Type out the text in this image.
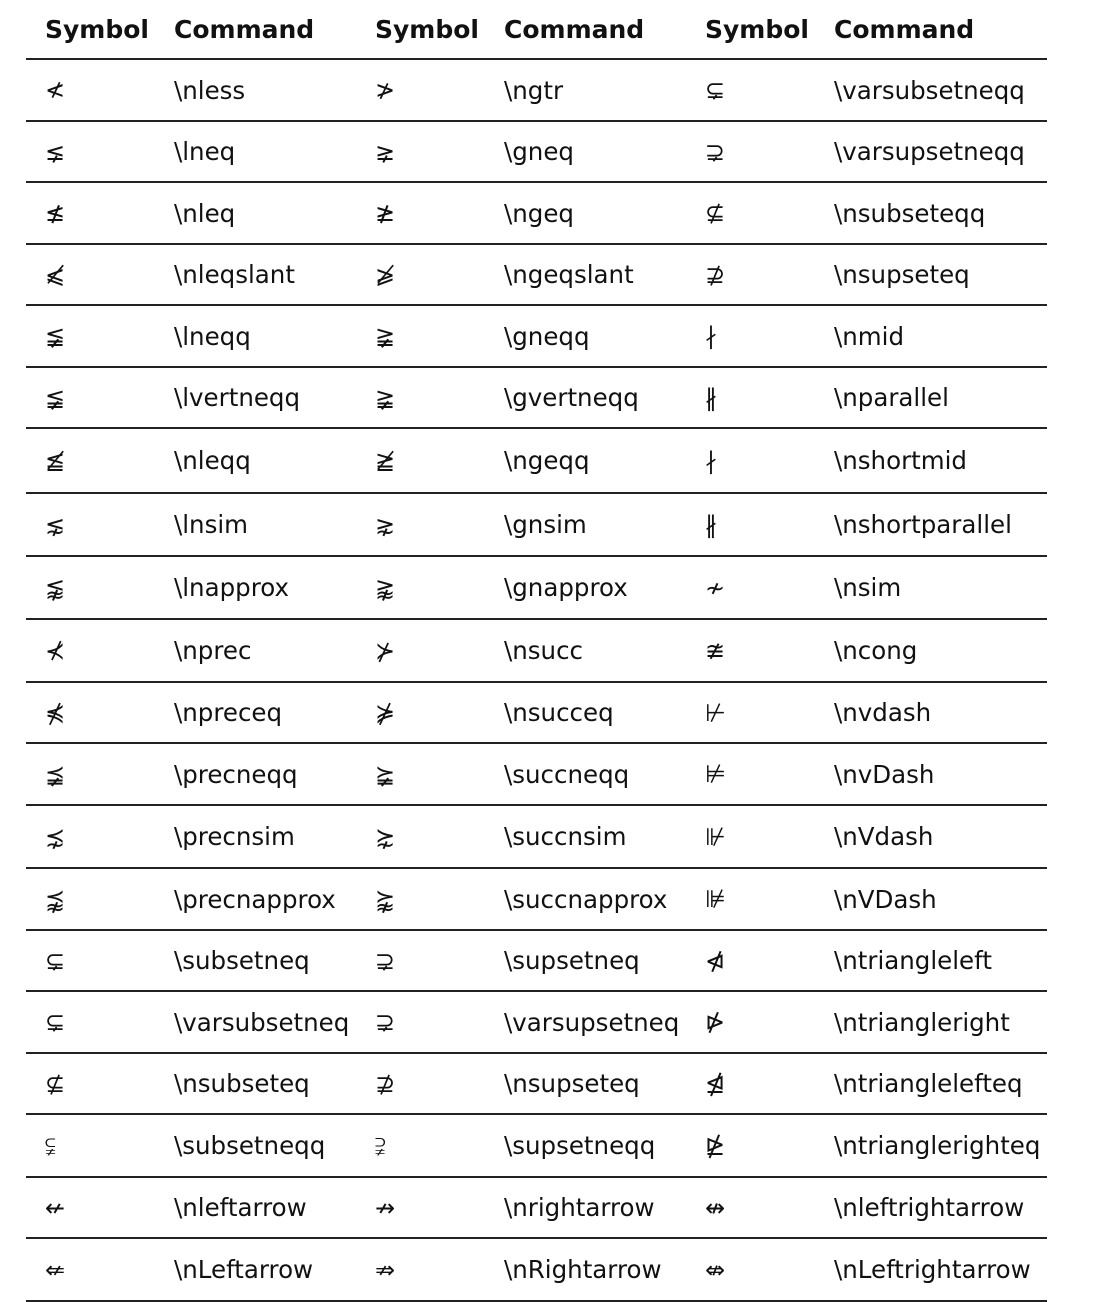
Symbol	Command	Symbol	Command	Symbol	Command
≮	\nless	≯	\ngtr	⊊	\varsubsetneqq
⪇	\lneq	⪈	\gneq	⊋	\varsupsetneqq
≰	\nleq	≱	\ngeq	⊈	\nsubseteqq
⩽̸	\nleqslant	⩾̸	\ngeqslant	⊉	\nsupseteq
≨	\lneqq	≩	\gneqq	∤	\nmid
≨︀	\lvertneqq	≩︀	\gvertneqq	∦	\nparallel
≦̸	\nleqq	≧̸	\ngeqq	∤	\nshortmid
⋦	\lnsim	⋧	\gnsim	∦	\nshortparallel
⪉	\lnapprox	⪊	\gnapprox	≁	\nsim
⊀	\nprec	⊁	\nsucc	≇	\ncong
⋠	\npreceq	⋡	\nsucceq	⊬	\nvdash
⪵	\precneqq	⪶	\succneqq	⊭	\nvDash
⋨	\precnsim	⋩	\succnsim	⊮	\nVdash
⪹	\precnapprox	⪺	\succnapprox	⊯	\nVDash
⊊	\subsetneq	⊋	\supsetneq	⋪	\ntriangleleft
⊊︀	\varsubsetneq	⊋︀	\varsupsetneq	⋫	\ntriangleright
⊈	\nsubseteq	⊉	\nsupseteq	⋬	\ntrianglelefteq
⫋	\subsetneqq	⫌	\supsetneqq	⋭	\ntrianglerighteq
↚	\nleftarrow	↛	\nrightarrow	↮	\nleftrightarrow
⇍	\nLeftarrow	⇏	\nRightarrow	⇎	\nLeftrightarrow
